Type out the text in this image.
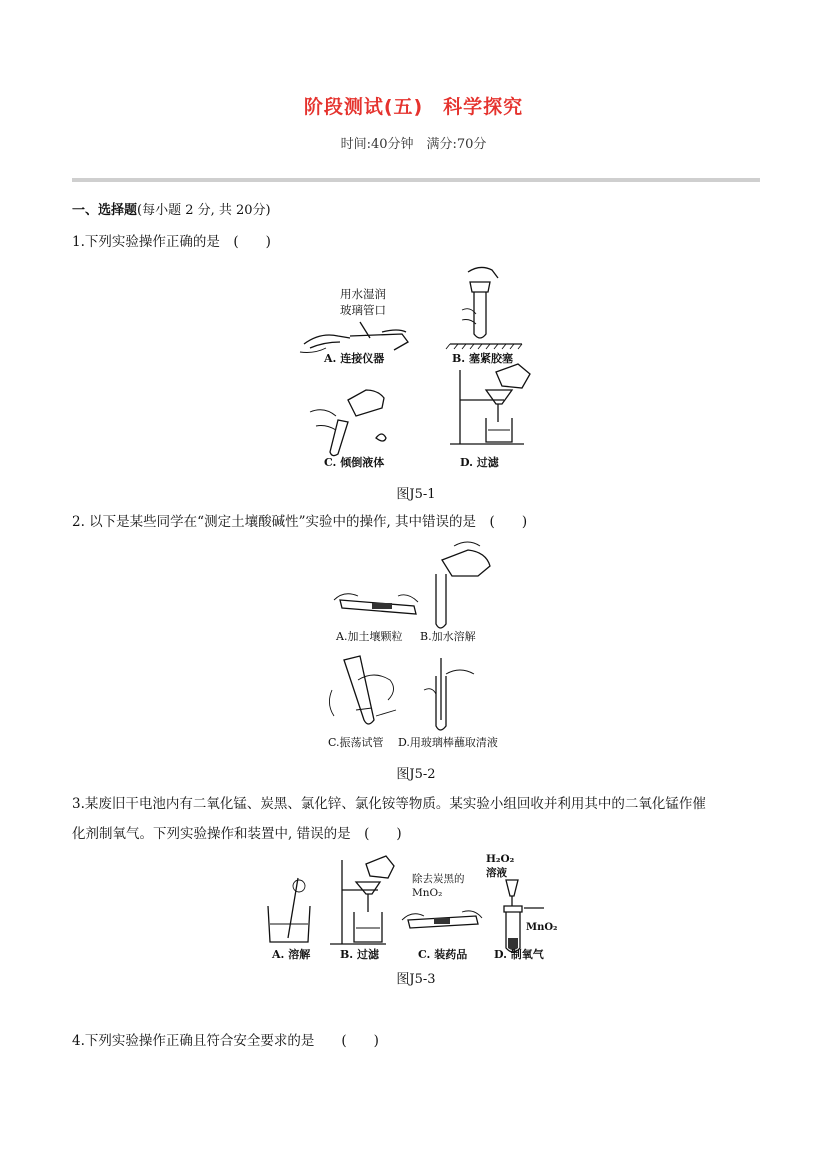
阶段测试(五)　科学探究
时间:40分钟　满分:70分
一、选择题(每小题 2 分, 共 20分)
1.下列实验操作正确的是　(　　)
用水湿润
玻璃管口
A. 连接仪器	B. 塞紧胶塞
C. 倾倒液体	D. 过滤
图J5-1
2. 以下是某些同学在“测定土壤酸碱性”实验中的操作, 其中错误的是　(　　)
A.加土壤颗粒 B.加水溶解
C.振荡试管 D.用玻璃棒蘸取清液
图J5-2
3.某废旧干电池内有二氧化锰、炭黑、氯化锌、氯化铵等物质。某实验小组回收并利用其中的二氧化锰作催
化剂制氧气。下列实验操作和装置中, 错误的是　(　　)
A. 溶解	B. 过滤
除去炭黑的
MnO₂
C. 装药品
H₂O₂
溶液
MnO₂
D. 制氧气
图J5-3
4.下列实验操作正确且符合安全要求的是　　(　　)
